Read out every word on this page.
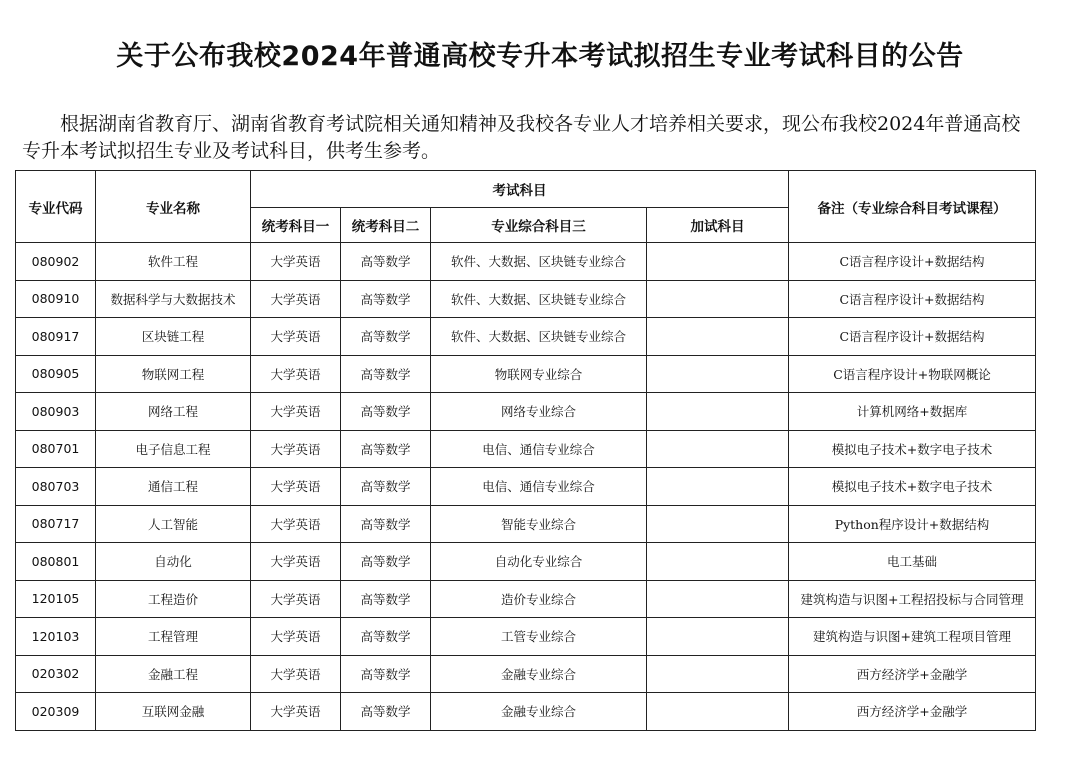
关于公布我校2024年普通高校专升本考试拟招生专业考试科目的公告

根据湖南省教育厅、湖南省教育考试院相关通知精神及我校各专业人才培养相关要求，现公布我校2024年普通高校专升本考试拟招生专业及考试科目，供考生参考。

专业代码	专业名称	考试科目				备注（专业综合科目考试课程）
		统考科目一	统考科目二	专业综合科目三	加试科目	
080902	软件工程	大学英语	高等数学	软件、大数据、区块链专业综合		C语言程序设计+数据结构
080910	数据科学与大数据技术	大学英语	高等数学	软件、大数据、区块链专业综合		C语言程序设计+数据结构
080917	区块链工程	大学英语	高等数学	软件、大数据、区块链专业综合		C语言程序设计+数据结构
080905	物联网工程	大学英语	高等数学	物联网专业综合		C语言程序设计+物联网概论
080903	网络工程	大学英语	高等数学	网络专业综合		计算机网络+数据库
080701	电子信息工程	大学英语	高等数学	电信、通信专业综合		模拟电子技术+数字电子技术
080703	通信工程	大学英语	高等数学	电信、通信专业综合		模拟电子技术+数字电子技术
080717	人工智能	大学英语	高等数学	智能专业综合		Python程序设计+数据结构
080801	自动化	大学英语	高等数学	自动化专业综合		电工基础
120105	工程造价	大学英语	高等数学	造价专业综合		建筑构造与识图+工程招投标与合同管理
120103	工程管理	大学英语	高等数学	工管专业综合		建筑构造与识图+建筑工程项目管理
020302	金融工程	大学英语	高等数学	金融专业综合		西方经济学+金融学
020309	互联网金融	大学英语	高等数学	金融专业综合		西方经济学+金融学
